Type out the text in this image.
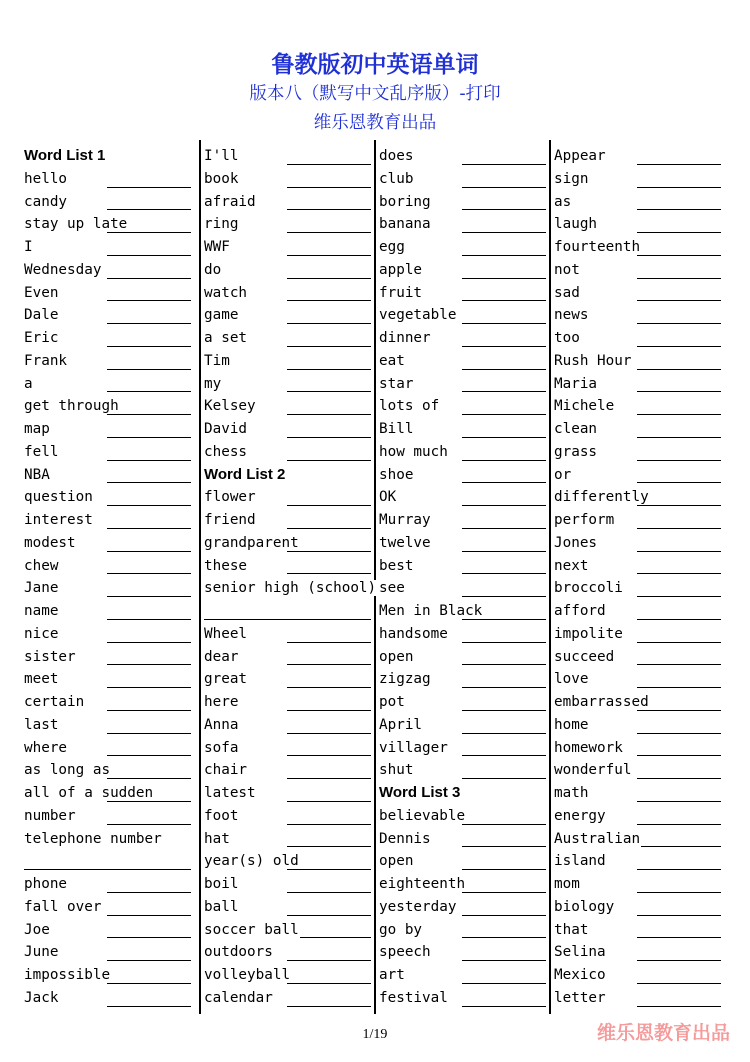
鲁教版初中英语单词
版本八（默写中文乱序版）-打印
维乐恩教育出品
Word List 1
hello
candy
stay up late
I
Wednesday
Even
Dale
Eric
Frank
a
get through
map
fell
NBA
question
interest
modest
chew
Jane
name
nice
sister
meet
certain
last
where
as long as
all of a sudden
number
telephone number
phone
fall over
Joe
June
impossible
Jack
I'll
book
afraid
ring
WWF
do
watch
game
a set
Tim
my
Kelsey
David
chess
Word List 2
flower
friend
grandparent
these
senior high (school)
Wheel
dear
great
here
Anna
sofa
chair
latest
foot
hat
year(s) old
boil
ball
soccer ball
outdoors
volleyball
calendar
does
club
boring
banana
egg
apple
fruit
vegetable
dinner
eat
star
lots of
Bill
how much
shoe
OK
Murray
twelve
best
see
Men in Black
handsome
open
zigzag
pot
April
villager
shut
Word List 3
believable
Dennis
open
eighteenth
yesterday
go by
speech
art
festival
Appear
sign
as
laugh
fourteenth
not
sad
news
too
Rush Hour
Maria
Michele
clean
grass
or
differently
perform
Jones
next
broccoli
afford
impolite
succeed
love
embarrassed
home
homework
wonderful
math
energy
Australian
island
mom
biology
that
Selina
Mexico
letter
1/19	维乐恩教育出品
